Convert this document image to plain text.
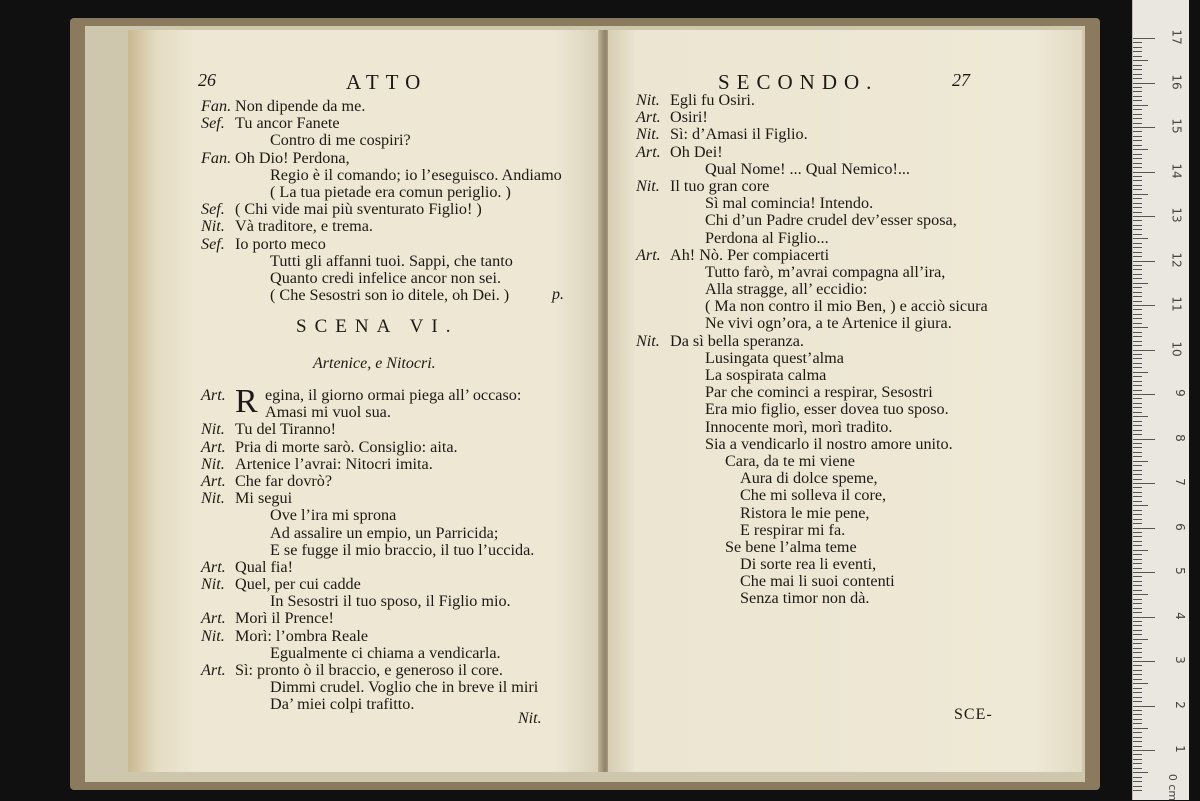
26	ATTO
Fan. Non dipende da me.
Sef. Tu ancor Fanete
Contro di me cospiri?
Fan. Oh Dio! Perdona,
Regio è il comando; io l’eseguisco. Andiamo
( La tua pietade era comun periglio. )
Sef. ( Chi vide mai più sventurato Figlio! )
Nit. Và traditore, e trema.
Sef. Io porto meco
Tutti gli affanni tuoi. Sappi, che tanto
Quanto credi infelice ancor non sei.
( Che Sesostri son io ditele, oh Dei. )	p.
SCENA VI.
Artenice, e Nitocri.
R
Art. egina, il giorno ormai piega all’ occaso:
Amasi mi vuol sua.
Nit. Tu del Tiranno!
Art. Pria di morte sarò. Consiglio: aita.
Nit. Artenice l’avrai: Nitocri imita.
Art. Che far dovrò?
Nit. Mi segui
Ove l’ira mi sprona
Ad assalire un empio, un Parricida;
E se fugge il mio braccio, il tuo l’uccida.
Art. Qual fia!
Nit. Quel, per cui cadde
In Sesostri il tuo sposo, il Figlio mio.
Art. Morì il Prence!
Nit. Morì: l’ombra Reale
Egualmente ci chiama a vendicarla.
Art. Sì: pronto ò il braccio, e generoso il core.
Dimmi crudel. Voglio che in breve il miri
Da’ miei colpi trafitto.
Nit.
SECONDO.	27
Nit. Egli fu Osiri.
Art. Osiri!
Nit. Sì: d’Amasi il Figlio.
Art. Oh Dei!
Qual Nome! ... Qual Nemico!...
Nit. Il tuo gran core
Sì mal comincia! Intendo.
Chi d’un Padre crudel dev’esser sposa,
Perdona al Figlio...
Art. Ah! Nò. Per compiacerti
Tutto farò, m’avrai compagna all’ira,
Alla stragge, all’ eccidio:
( Ma non contro il mio Ben, ) e acciò sicura
Ne vivi ogn’ora, a te Artenice il giura.
Nit. Da sì bella speranza.
Lusingata quest’alma
La sospirata calma
Par che cominci a respirar, Sesostri
Era mio figlio, esser dovea tuo sposo.
Innocente morì, morì tradito.
Sia a vendicarlo il nostro amore unito.
Cara, da te mi viene
Aura di dolce speme,
Che mi solleva il core,
Ristora le mie pene,
E respirar mi fa.
Se bene l’alma teme
Di sorte rea li eventi,
Che mai li suoi contenti
Senza timor non dà.
SCE-
0 cm
17
16
15
14
13
12
11
10
9
8
7
6
5
4
3
2
1
